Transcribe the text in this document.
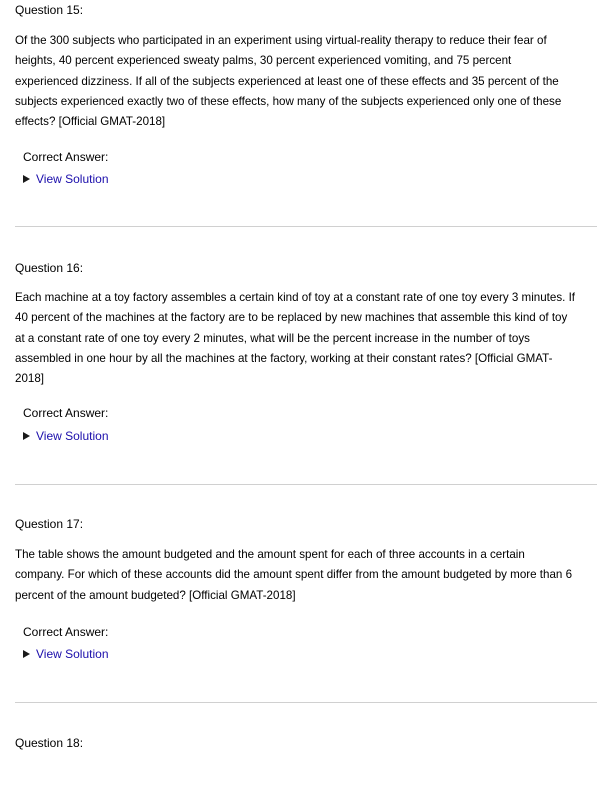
Question 15:
Of the 300 subjects who participated in an experiment using virtual-reality therapy to reduce their fear of
heights, 40 percent experienced sweaty palms, 30 percent experienced vomiting, and 75 percent
experienced dizziness. If all of the subjects experienced at least one of these effects and 35 percent of the
subjects experienced exactly two of these effects, how many of the subjects experienced only one of these
effects? [Official GMAT-2018]
Correct Answer:
View Solution
Question 16:
Each machine at a toy factory assembles a certain kind of toy at a constant rate of one toy every 3 minutes. If
40 percent of the machines at the factory are to be replaced by new machines that assemble this kind of toy
at a constant rate of one toy every 2 minutes, what will be the percent increase in the number of toys
assembled in one hour by all the machines at the factory, working at their constant rates? [Official GMAT-
2018]
Correct Answer:
View Solution
Question 17:
The table shows the amount budgeted and the amount spent for each of three accounts in a certain
company. For which of these accounts did the amount spent differ from the amount budgeted by more than 6
percent of the amount budgeted? [Official GMAT-2018]
Correct Answer:
View Solution
Question 18:
